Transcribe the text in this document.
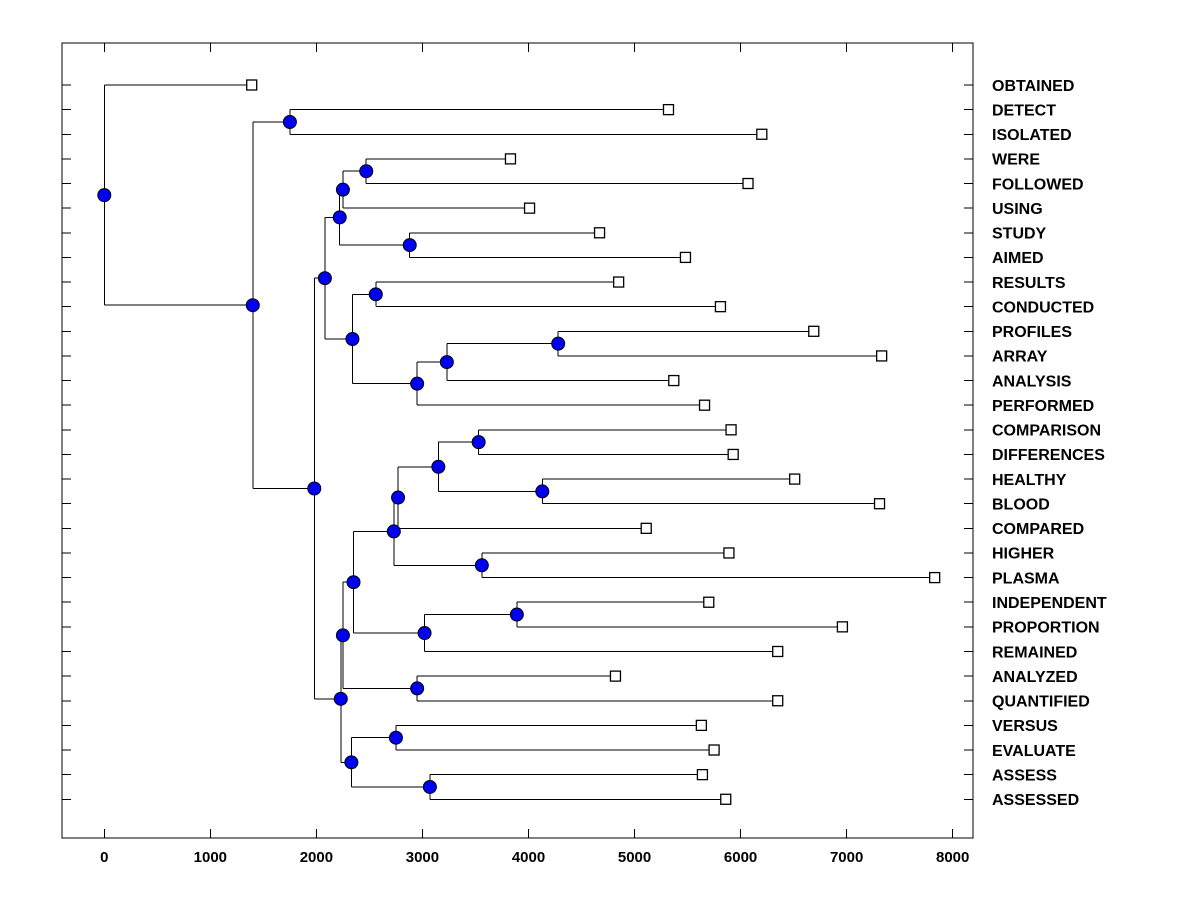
0	1000	2000	3000	4000	5000	6000	7000	8000
OBTAINED
DETECT
ISOLATED
WERE
FOLLOWED
USING
STUDY
AIMED
RESULTS
CONDUCTED
PROFILES
ARRAY
ANALYSIS
PERFORMED
COMPARISON
DIFFERENCES
HEALTHY
BLOOD
COMPARED
HIGHER
PLASMA
INDEPENDENT
PROPORTION
REMAINED
ANALYZED
QUANTIFIED
VERSUS
EVALUATE
ASSESS
ASSESSED
